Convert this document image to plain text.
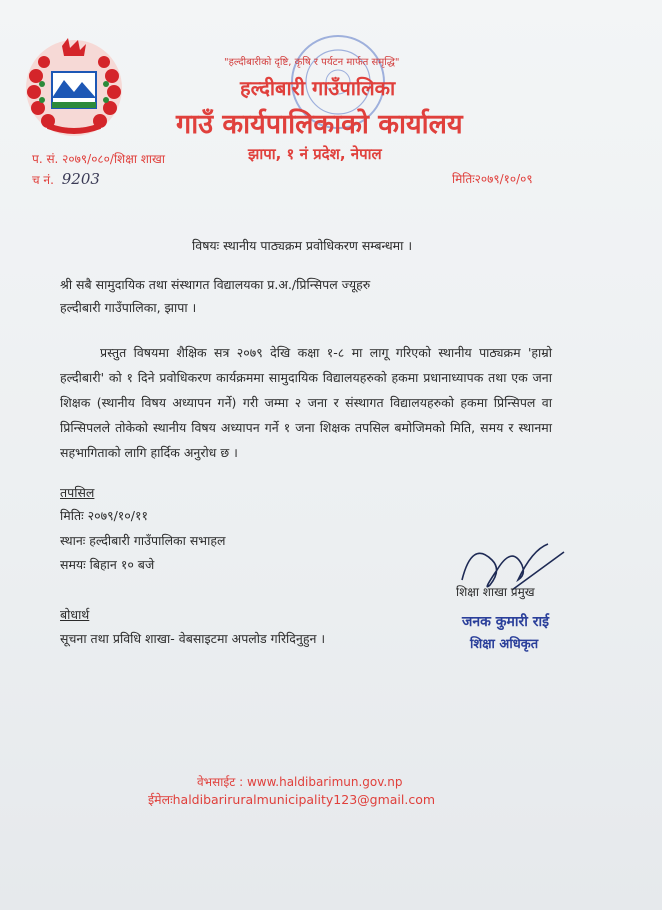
"हल्दीबारीको दृष्टि, कृषि र पर्यटन मार्फत समृद्धि"
हल्दीबारी गाउँपालिका
गाउँ कार्यपालिकाको कार्यालय
झापा, १ नं प्रदेश, नेपाल
प. सं. २०७९/०८०/शिक्षा शाखा
च नं. 9203	मितिः२०७९/१०/०९
विषयः स्थानीय पाठ्यक्रम प्रवोधिकरण सम्बन्धमा ।
श्री सबै सामुदायिक तथा संस्थागत विद्यालयका प्र.अ./प्रिन्सिपल ज्यूहरु
हल्दीबारी गाउँपालिका, झापा ।
प्रस्तुत विषयमा शैक्षिक सत्र २०७९ देखि कक्षा १-८ मा लागू गरिएको स्थानीय पाठ्यक्रम 'हाम्रो हल्दीबारी' को १ दिने प्रवोधिकरण कार्यक्रममा सामुदायिक विद्यालयहरुको हकमा प्रधानाध्यापक तथा एक जना शिक्षक (स्थानीय विषय अध्यापन गर्ने) गरी जम्मा २ जना र संस्थागत विद्यालयहरुको हकमा प्रिन्सिपल वा प्रिन्सिपलले तोकेको स्थानीय विषय अध्यापन गर्ने १ जना शिक्षक तपसिल बमोजिमको मिति, समय र स्थानमा सहभागिताको लागि हार्दिक अनुरोध छ ।
तपसिल
मितिः २०७९/१०/११
स्थानः हल्दीबारी गाउँपालिका सभाहल
समयः बिहान १० बजे
बोधार्थ
सूचना तथा प्रविधि शाखा- वेबसाइटमा अपलोड गरिदिनुहुन ।
शिक्षा शाखा प्रमुख
जनक कुमारी राई
शिक्षा अधिकृत
वेभसाईट : www.haldibarimun.gov.np
ईमेलःhaldibariruralmunicipality123@gmail.com
